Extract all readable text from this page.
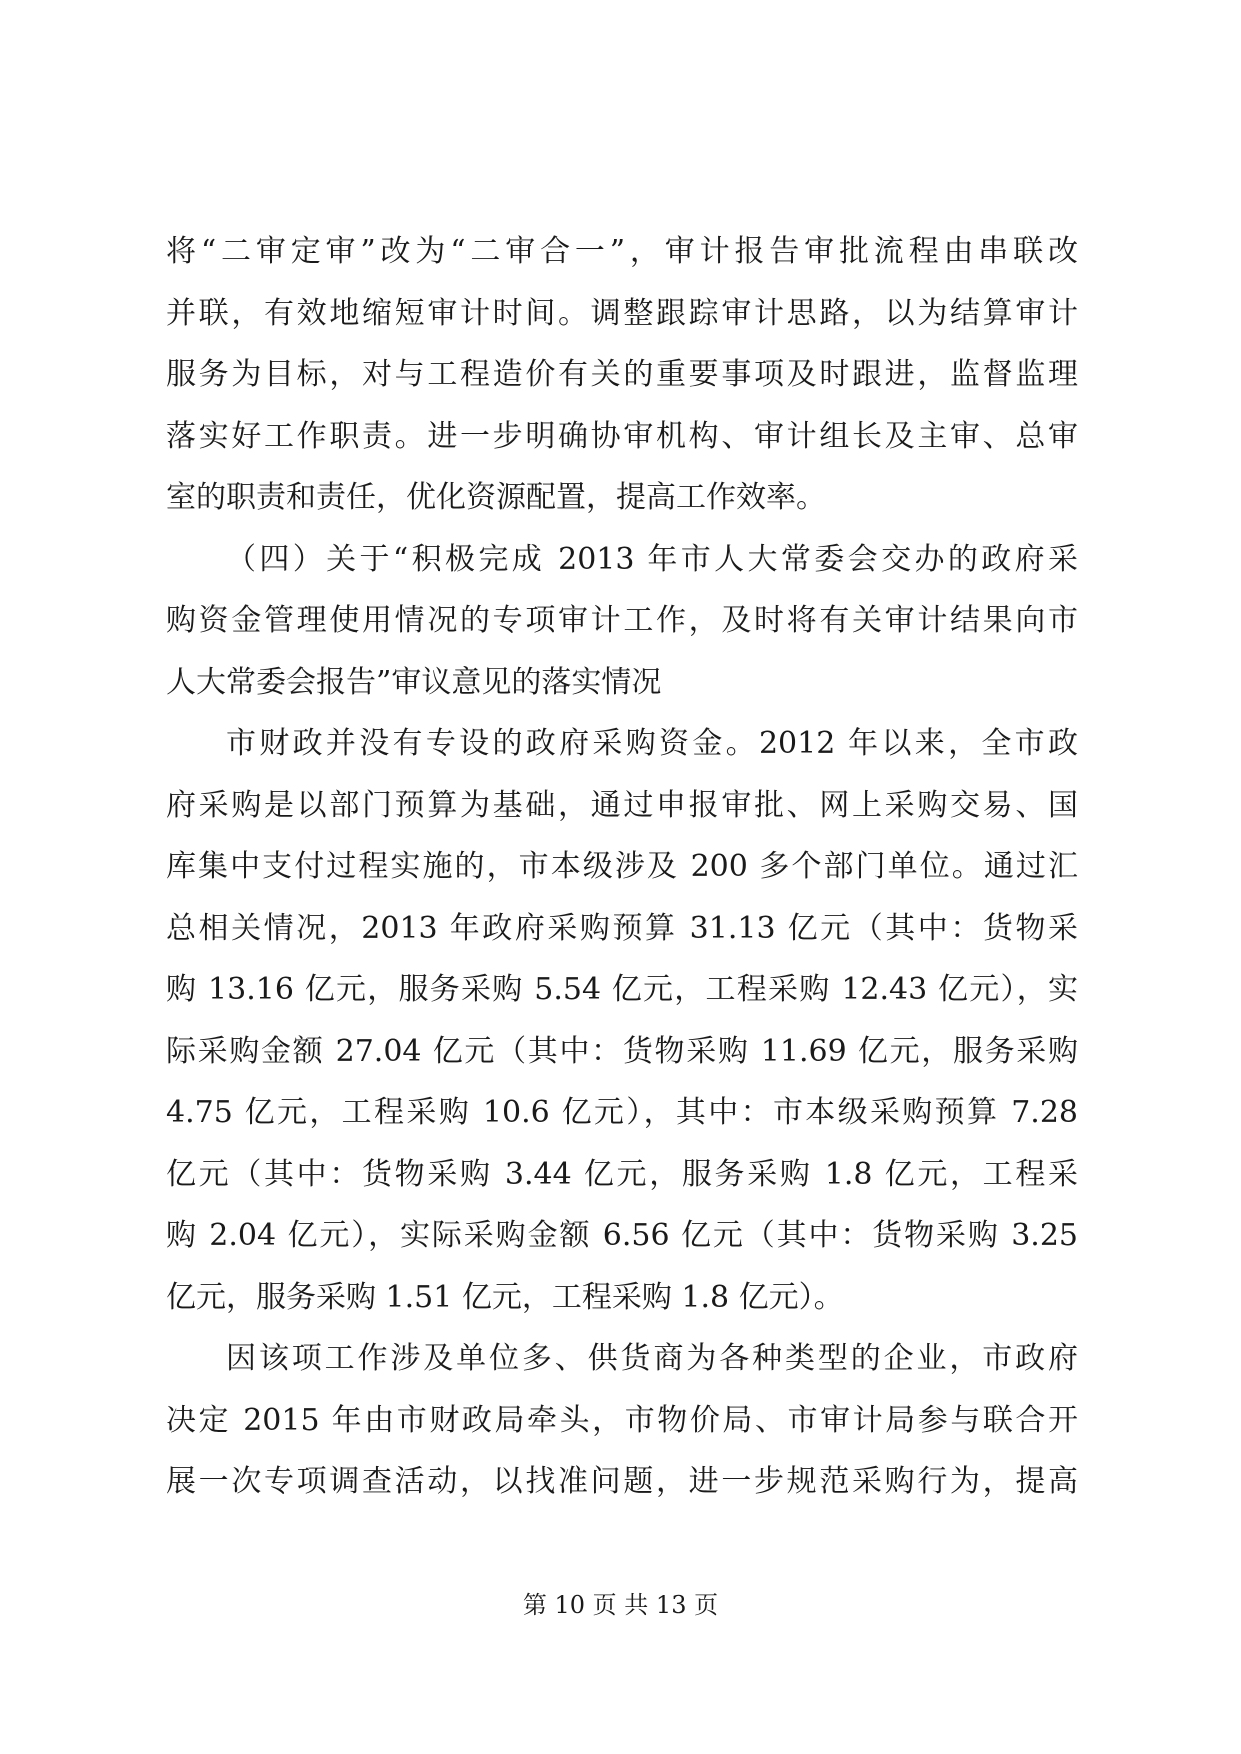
将“二审定审”改为“二审合一”，审计报告审批流程由串联改
并联，有效地缩短审计时间。调整跟踪审计思路，以为结算审计
服务为目标，对与工程造价有关的重要事项及时跟进，监督监理
落实好工作职责。进一步明确协审机构、审计组长及主审、总审
室的职责和责任，优化资源配置，提高工作效率。
（四）关于“积极完成 2013 年市人大常委会交办的政府采
购资金管理使用情况的专项审计工作，及时将有关审计结果向市
人大常委会报告”审议意见的落实情况
市财政并没有专设的政府采购资金。2012 年以来，全市政
府采购是以部门预算为基础，通过申报审批、网上采购交易、国
库集中支付过程实施的，市本级涉及 200 多个部门单位。通过汇
总相关情况，2013 年政府采购预算 31.13 亿元（其中：货物采
购 13.16 亿元，服务采购 5.54 亿元，工程采购 12.43 亿元），实
际采购金额 27.04 亿元（其中：货物采购 11.69 亿元，服务采购
4.75 亿元，工程采购 10.6 亿元），其中：市本级采购预算 7.28
亿元（其中：货物采购 3.44 亿元，服务采购 1.8 亿元，工程采
购 2.04 亿元），实际采购金额 6.56 亿元（其中：货物采购 3.25
亿元，服务采购 1.51 亿元，工程采购 1.8 亿元）。
因该项工作涉及单位多、供货商为各种类型的企业，市政府
决定 2015 年由市财政局牵头，市物价局、市审计局参与联合开
展一次专项调查活动，以找准问题，进一步规范采购行为，提高
第 10 页 共 13 页
